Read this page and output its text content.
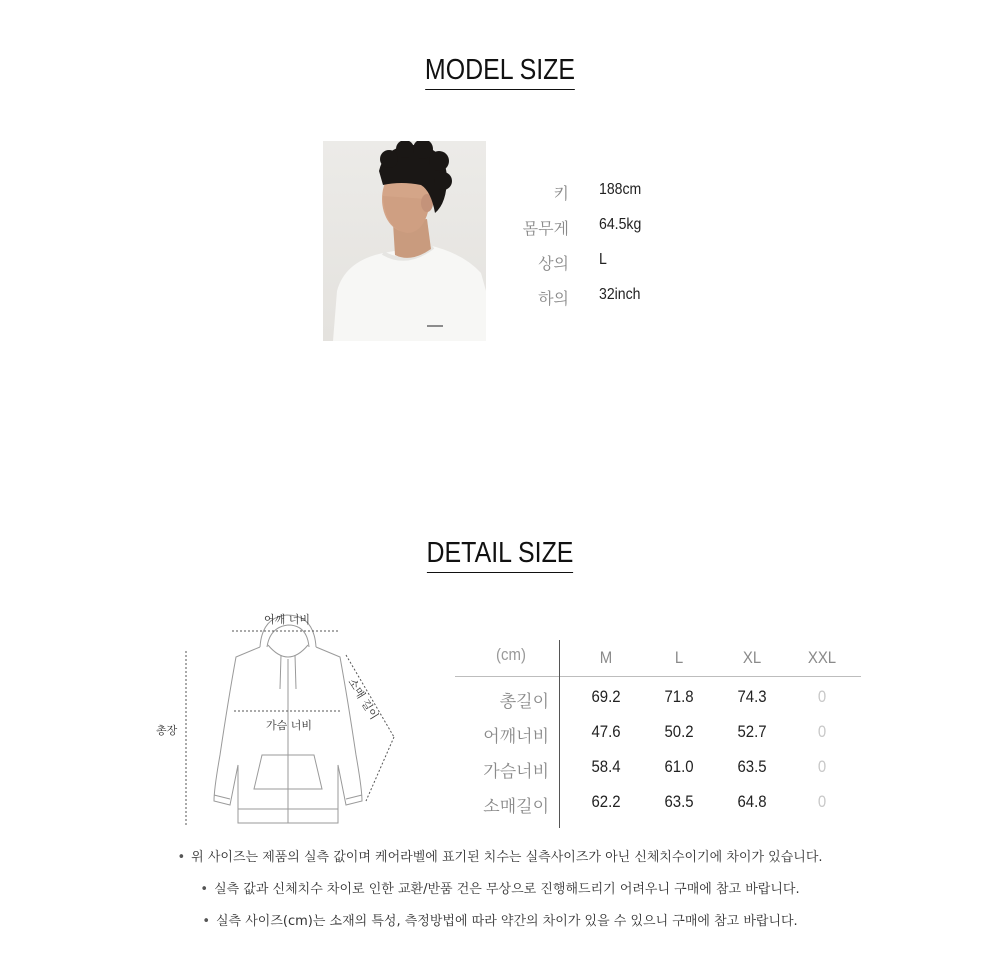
MODEL SIZE
키 188cm
몸무게 64.5kg
상의 L
하의 32inch
DETAIL SIZE
어깨 너비
가슴 너비
총장
소매 길이
(cm)	M	L	XL	XXL
총길이	69.2	71.8	74.3	0
어깨너비	47.6	50.2	52.7	0
가슴너비	58.4	61.0	63.5	0
소매길이	62.2	63.5	64.8	0
• 위 사이즈는 제품의 실측 값이며 케어라벨에 표기된 치수는 실측사이즈가 아닌 신체치수이기에 차이가 있습니다.
• 실측 값과 신체치수 차이로 인한 교환/반품 건은 무상으로 진행해드리기 어려우니 구매에 참고 바랍니다.
• 실측 사이즈(cm)는 소재의 특성, 측정방법에 따라 약간의 차이가 있을 수 있으니 구매에 참고 바랍니다.
